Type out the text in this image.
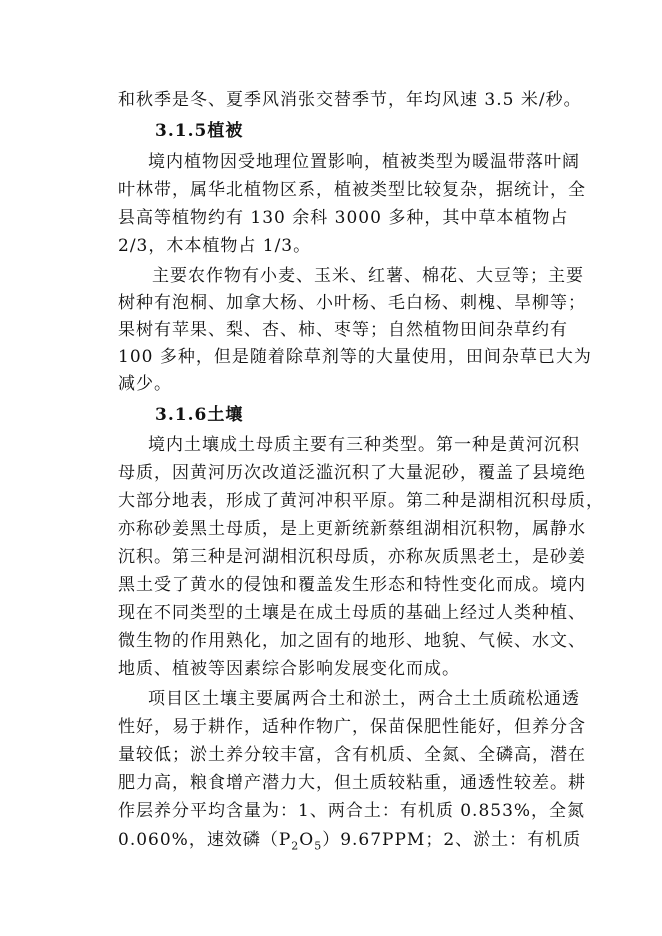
和秋季是冬、夏季风消张交替季节，年均风速 3.5 米/秒。
3.1.5植被
境内植物因受地理位置影响，植被类型为暖温带落叶阔
叶林带，属华北植物区系，植被类型比较复杂，据统计，全
县高等植物约有 130 余科 3000 多种，其中草本植物占
2/3，木本植物占 1/3。
主要农作物有小麦、玉米、红薯、棉花、大豆等；主要
树种有泡桐、加拿大杨、小叶杨、毛白杨、刺槐、旱柳等；
果树有苹果、梨、杏、柿、枣等；自然植物田间杂草约有
100 多种，但是随着除草剂等的大量使用，田间杂草已大为
减少。
3.1.6土壤
境内土壤成土母质主要有三种类型。第一种是黄河沉积
母质，因黄河历次改道泛滥沉积了大量泥砂，覆盖了县境绝
大部分地表，形成了黄河冲积平原。第二种是湖相沉积母质，
亦称砂姜黑土母质，是上更新统新蔡组湖相沉积物，属静水
沉积。第三种是河湖相沉积母质，亦称灰质黑老土，是砂姜
黑土受了黄水的侵蚀和覆盖发生形态和特性变化而成。境内
现在不同类型的土壤是在成土母质的基础上经过人类种植、
微生物的作用熟化，加之固有的地形、地貌、气候、水文、
地质、植被等因素综合影响发展变化而成。
项目区土壤主要属两合土和淤土，两合土土质疏松通透
性好，易于耕作，适种作物广，保苗保肥性能好，但养分含
量较低；淤土养分较丰富，含有机质、全氮、全磷高，潜在
肥力高，粮食增产潜力大，但土质较粘重，通透性较差。耕
作层养分平均含量为：1、两合土：有机质 0.853%，全氮
0.060%，速效磷$(P_2O_5)9.67PPM$；2、淤土：有机质
